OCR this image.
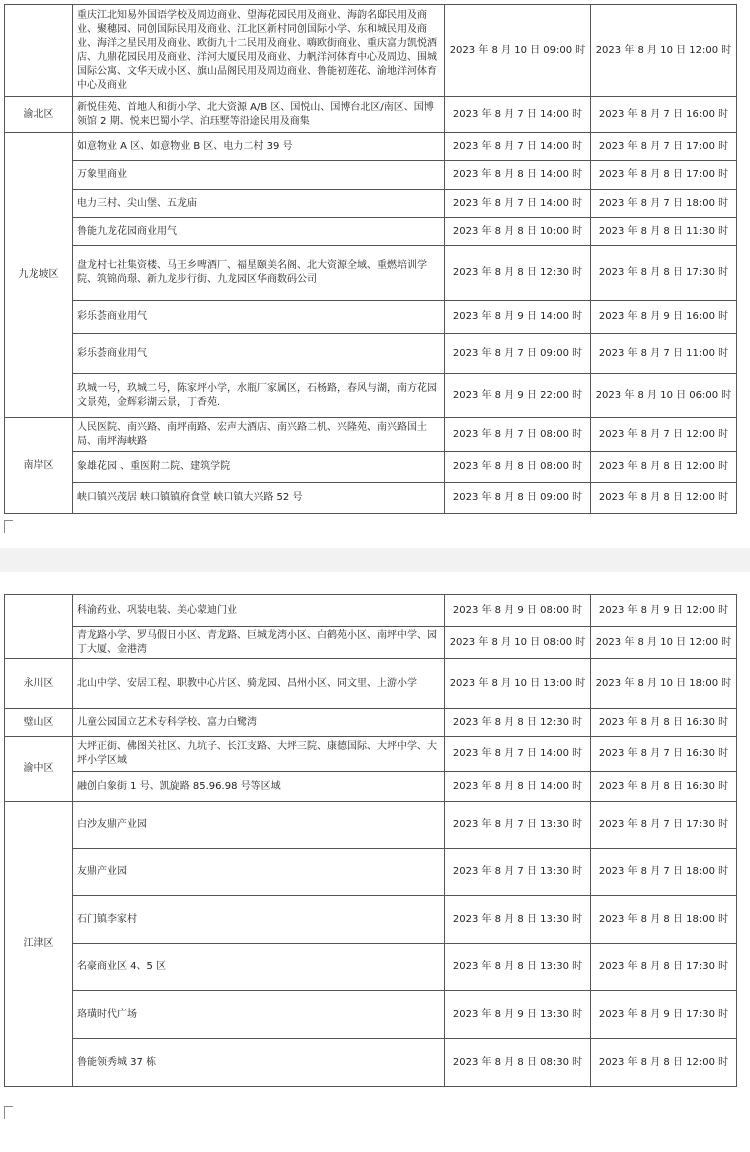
	重庆江北知易外国语学校及周边商业、望海花园民用及商业、海韵名邸民用及商业、聚穗园、同创国际民用及商业、江北区新村同创国际小学、东和城民用及商业、海洋之星民用及商业、欧街九十二民用及商业、嗨欧街商业、重庆富力凯悦酒店、九鼎花园民用及商业、洋河大厦民用及商业、力帆洋河体育中心及周边、围城国际公寓、文华天成小区、旗山品阁民用及周边商业、鲁能初莲花、渝地洋河体育中心及商业	2023 年 8 月 10 日 09:00 时	2023 年 8 月 10 日 12:00 时
渝北区	新悦佳苑、首地人和街小学、北大资源 A/B 区、国悦山、国博台北区/南区、国博领馆 2 期、悦来巴蜀小学、泊珏墅等沿途民用及商集	2023 年 8 月 7 日 14:00 时	2023 年 8 月 7 日 16:00 时
九龙坡区	如意物业 A 区、如意物业 B 区、电力二村 39 号	2023 年 8 月 7 日 14:00 时	2023 年 8 月 7 日 17:00 时
	万象里商业	2023 年 8 月 8 日 14:00 时	2023 年 8 月 8 日 17:00 时
	电力三村、尖山堡、五龙庙	2023 年 8 月 7 日 14:00 时	2023 年 8 月 7 日 18:00 时
	鲁能九龙花园商业用气	2023 年 8 月 8 日 10:00 时	2023 年 8 月 8 日 11:30 时
	盘龙村七社集资楼、马王乡啤酒厂、福星颐美名阁、北大资源全域、重燃培训学院、筑锦尚璟、新九龙步行街、九龙园区华商数码公司	2023 年 8 月 8 日 12:30 时	2023 年 8 月 8 日 17:30 时
	彩乐荟商业用气	2023 年 8 月 9 日 14:00 时	2023 年 8 月 9 日 16:00 时
	彩乐荟商业用气	2023 年 8 月 7 日 09:00 时	2023 年 8 月 7 日 11:00 时
	玖城一号，玖城二号，陈家坪小学，水瓶厂家属区，石杨路，春风与湖，南方花园文景苑，金辉彩湖云景，丁香苑.	2023 年 8 月 9 日 22:00 时	2023 年 8 月 10 日 06:00 时
南岸区	人民医院、南兴路、南坪南路、宏声大酒店、南兴路二机、兴隆苑、南兴路国土局、南坪海峡路	2023 年 8 月 7 日 08:00 时	2023 年 8 月 7 日 12:00 时
	象雄花园 、重医附二院、建筑学院	2023 年 8 月 8 日 08:00 时	2023 年 8 月 8 日 12:00 时
	峡口镇兴茂居 峡口镇镇府食堂 峡口镇大兴路 52 号	2023 年 8 月 8 日 09:00 时	2023 年 8 月 8 日 12:00 时
	科渝药业、巩装电装、美心蒙迪门业	2023 年 8 月 9 日 08:00 时	2023 年 8 月 9 日 12:00 时
	青龙路小学、罗马假日小区、青龙路、巨城龙湾小区、白鹤苑小区、南坪中学、园丁大厦、金港湾	2023 年 8 月 10 日 08:00 时	2023 年 8 月 10 日 12:00 时
永川区	北山中学、安居工程、职教中心片区、骑龙园、昌州小区、同文里、上游小学	2023 年 8 月 10 日 13:00 时	2023 年 8 月 10 日 18:00 时
璧山区	儿童公园国立艺术专科学校、富力白鹭湾	2023 年 8 月 8 日 12:30 时	2023 年 8 月 8 日 16:30 时
渝中区	大坪正街、佛图关社区、九坑子、长江支路、大坪三院、康德国际、大坪中学、大坪小学区域	2023 年 8 月 7 日 14:00 时	2023 年 8 月 7 日 16:30 时
	融创白象街 1 号、凯旋路 85.96.98 号等区域	2023 年 8 月 8 日 14:00 时	2023 年 8 月 8 日 16:30 时
江津区	白沙友鼎产业园	2023 年 8 月 7 日 13:30 时	2023 年 8 月 7 日 17:30 时
	友鼎产业园	2023 年 8 月 7 日 13:30 时	2023 年 8 月 7 日 18:00 时
	石门镇李家村	2023 年 8 月 8 日 13:30 时	2023 年 8 月 8 日 18:00 时
	名豪商业区 4、5 区	2023 年 8 月 8 日 13:30 时	2023 年 8 月 8 日 17:30 时
	珞璜时代广场	2023 年 8 月 9 日 13:30 时	2023 年 8 月 9 日 17:30 时
	鲁能领秀城 37 栋	2023 年 8 月 8 日 08:30 时	2023 年 8 月 8 日 12:00 时
